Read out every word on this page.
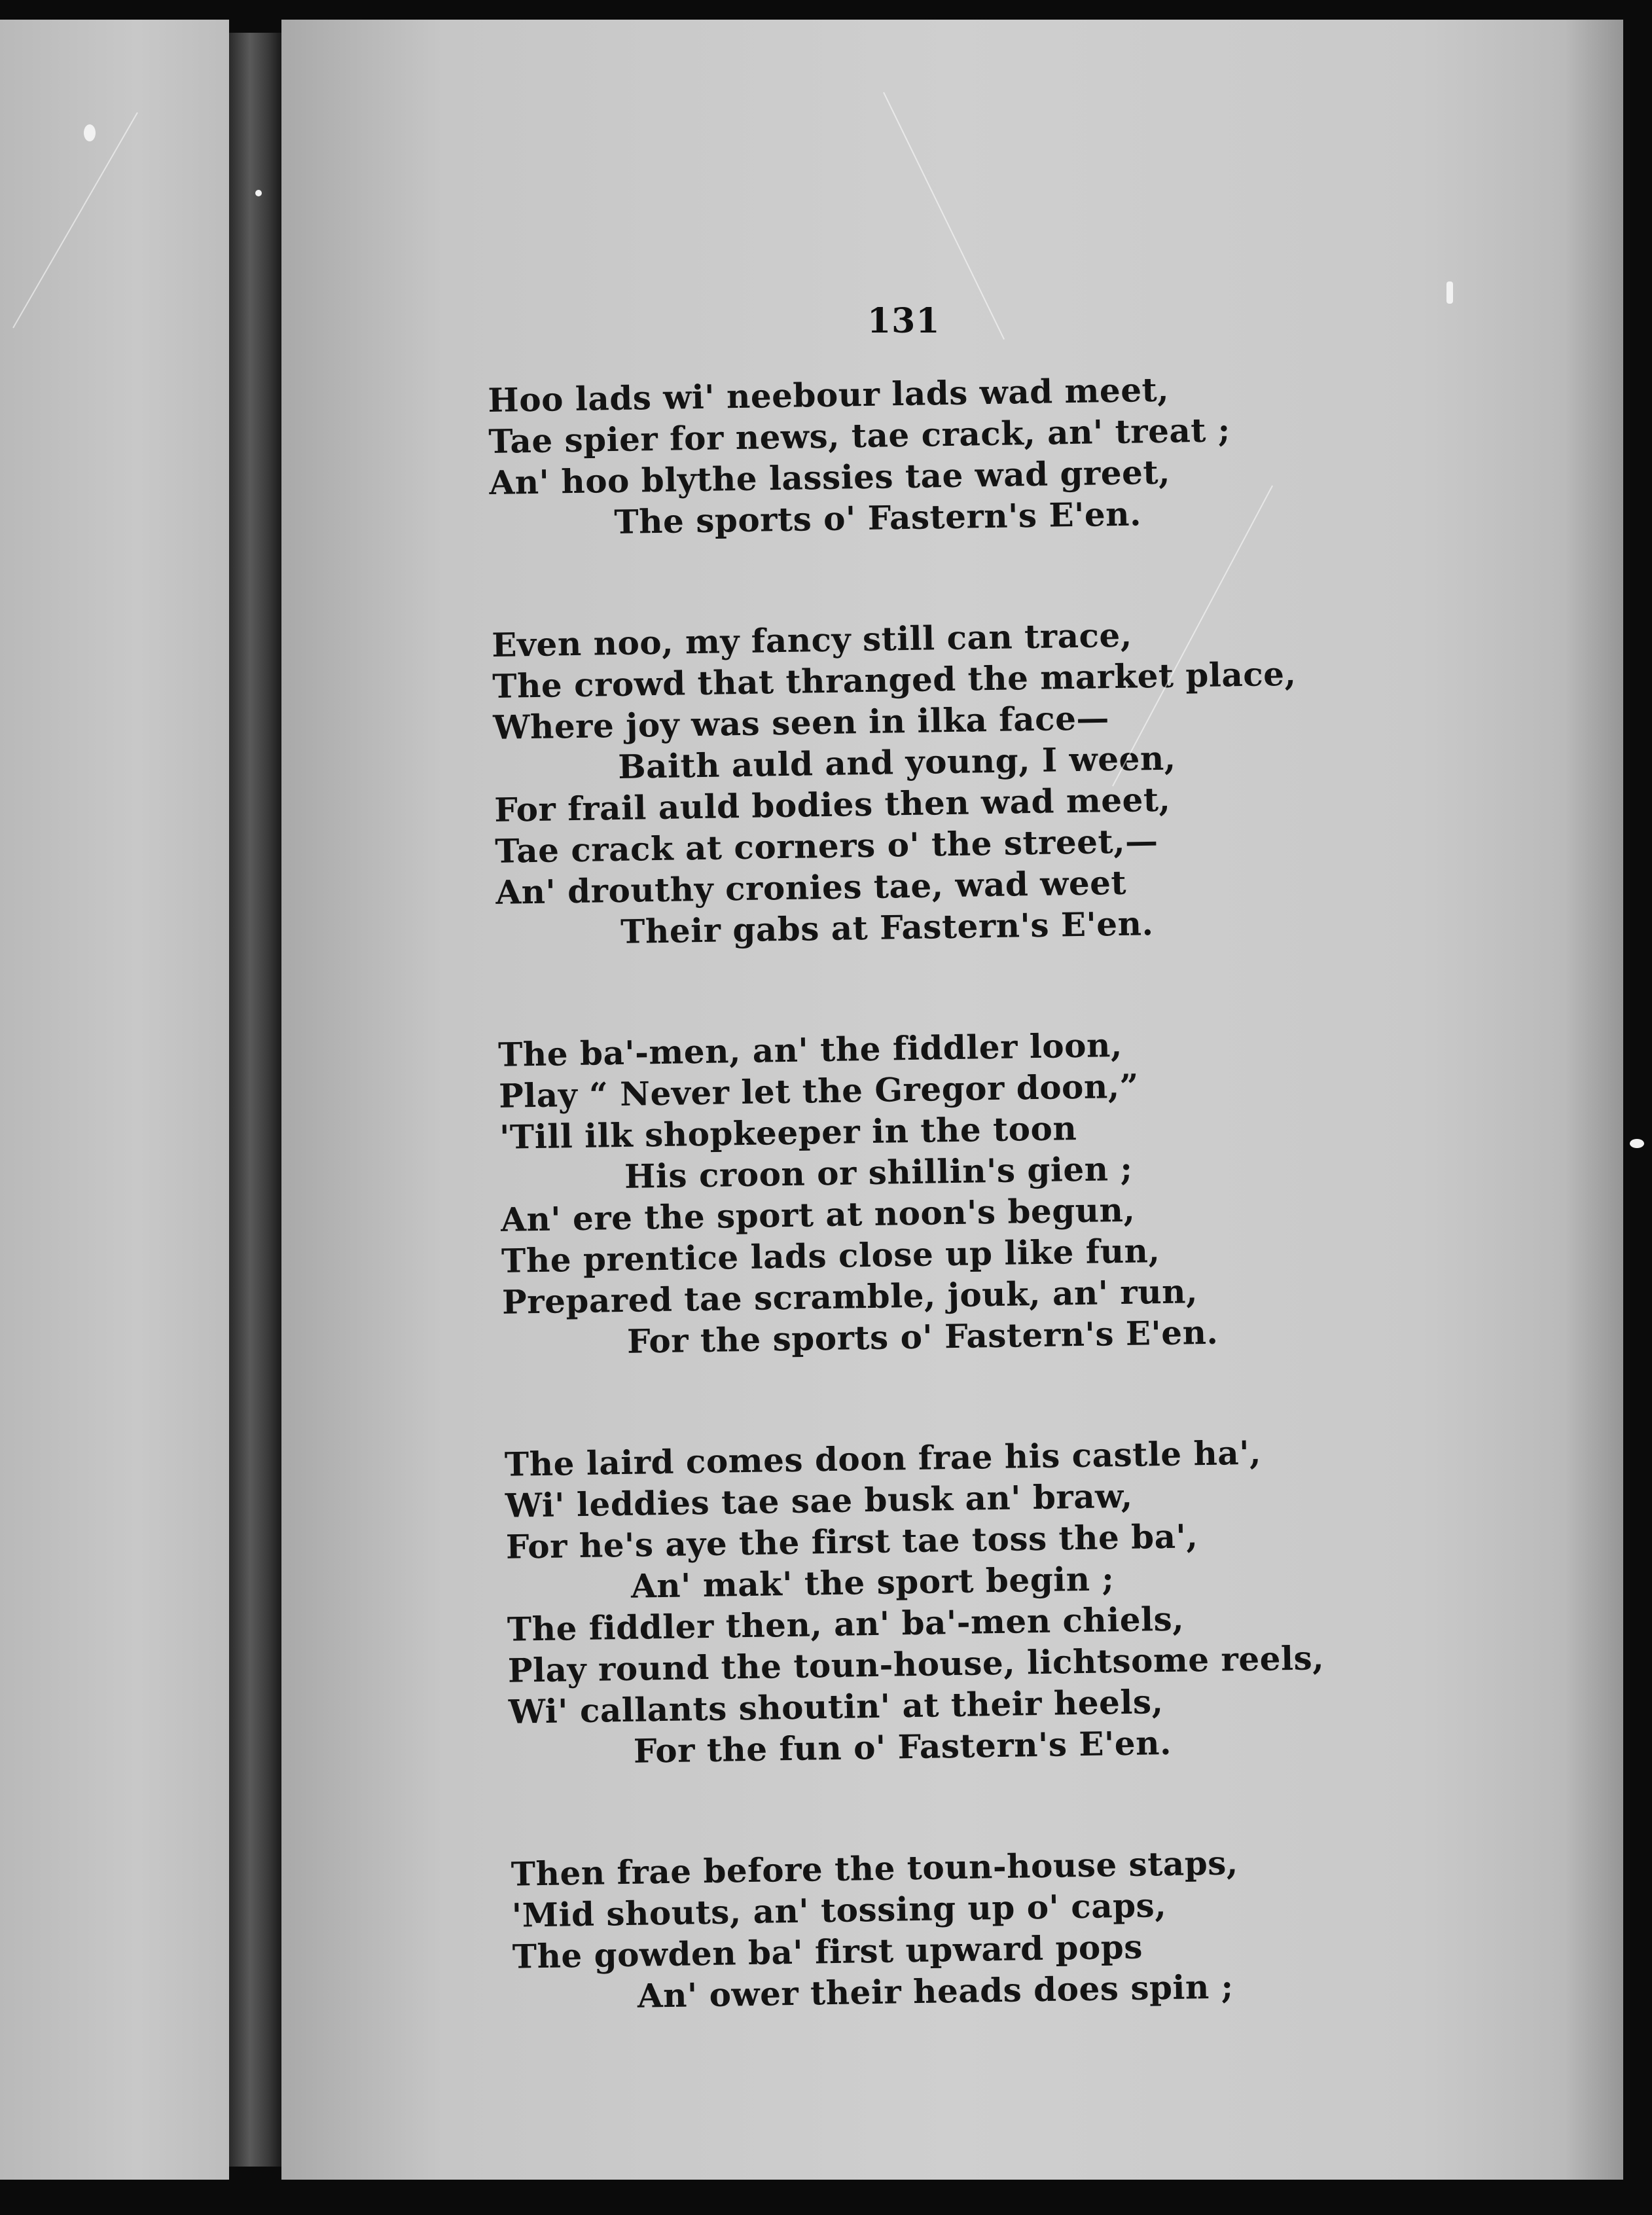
131
Hoo lads wi' neebour lads wad meet,
Tae spier for news, tae crack, an' treat ;
An' hoo blythe lassies tae wad greet,
The sports o' Fastern's E'en.
Even noo, my fancy still can trace,
The crowd that thranged the market place,
Where joy was seen in ilka face—
Baith auld and young, I ween,
For frail auld bodies then wad meet,
Tae crack at corners o' the street,—
An' drouthy cronies tae, wad weet
Their gabs at Fastern's E'en.
The ba'-men, an' the fiddler loon,
Play “ Never let the Gregor doon,”
'Till ilk shopkeeper in the toon
His croon or shillin's gien ;
An' ere the sport at noon's begun,
The prentice lads close up like fun,
Prepared tae scramble, jouk, an' run,
For the sports o' Fastern's E'en.
The laird comes doon frae his castle ha',
Wi' leddies tae sae busk an' braw,
For he's aye the first tae toss the ba',
An' mak' the sport begin ;
The fiddler then, an' ba'-men chiels,
Play round the toun-house, lichtsome reels,
Wi' callants shoutin' at their heels,
For the fun o' Fastern's E'en.
Then frae before the toun-house staps,
'Mid shouts, an' tossing up o' caps,
The gowden ba' first upward pops
An' ower their heads does spin ;
